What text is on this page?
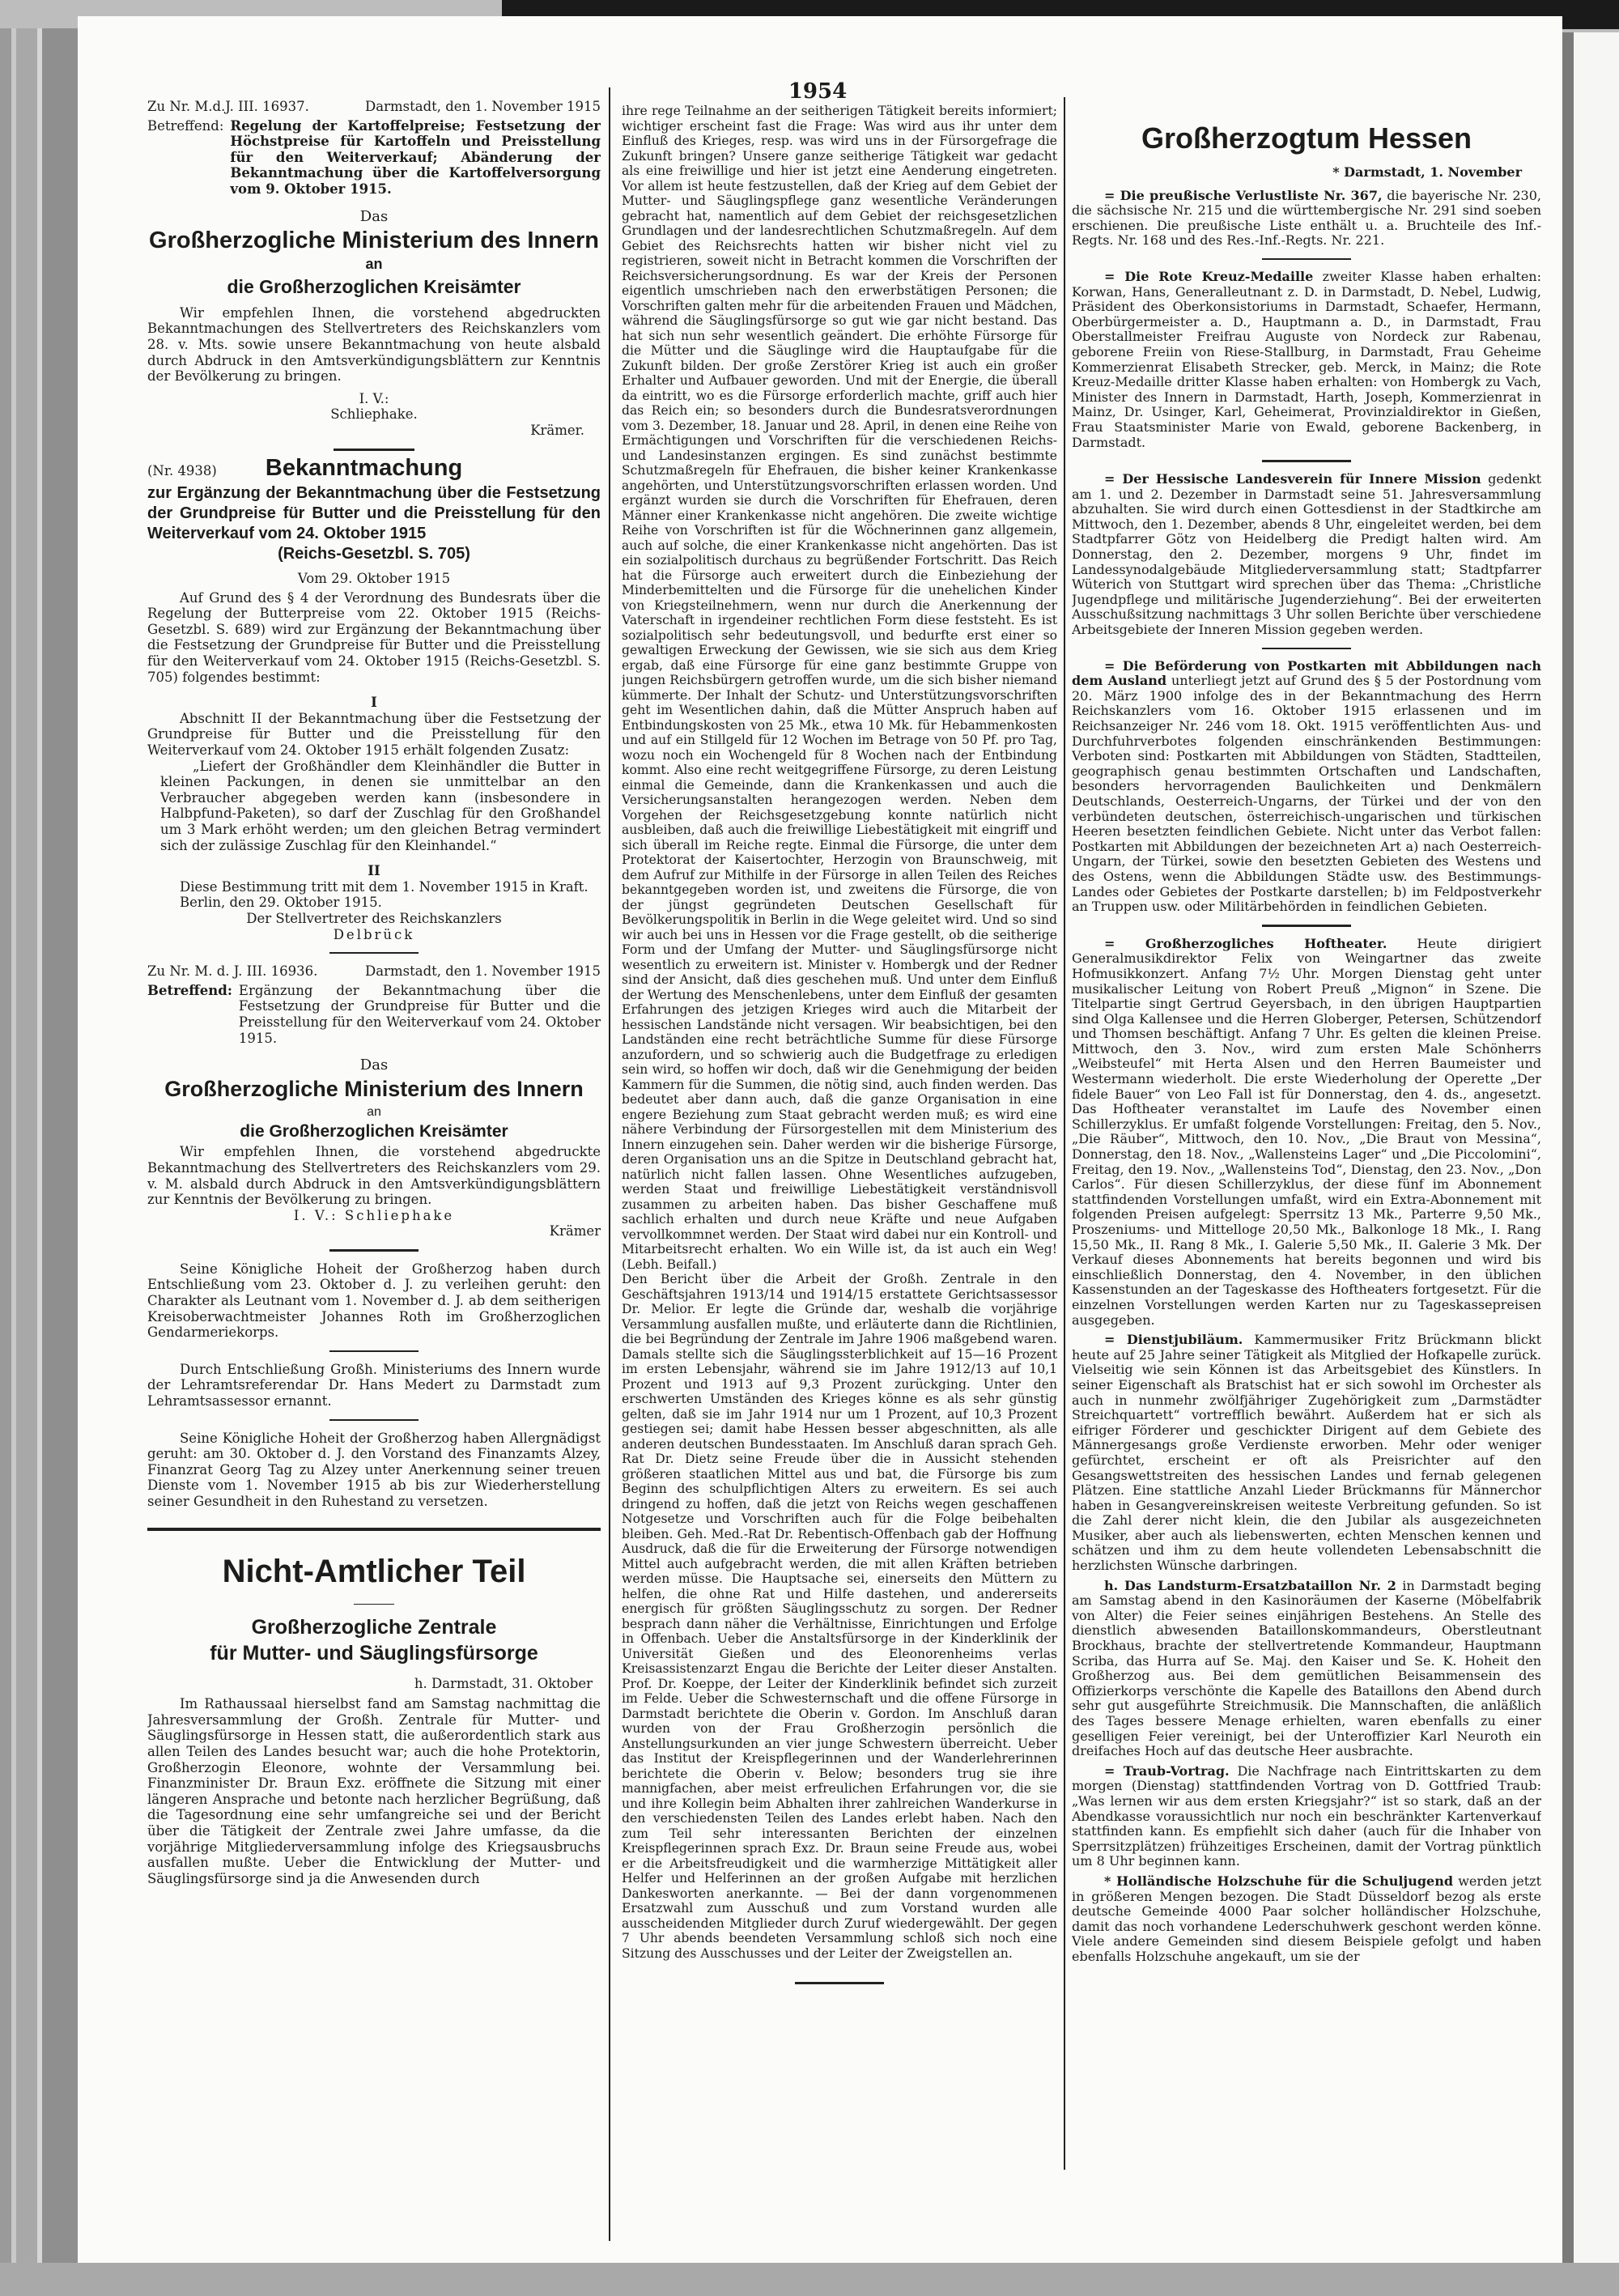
1954
Zu Nr. M.d.J. III. 16937.	Darmstadt, den 1. November 1915
Betreffend: Regelung der Kartoffelpreise; Festsetzung der Höchstpreise für Kartoffeln und Preisstellung für den Weiterverkauf; Abänderung der Bekanntmachung über die Kartoffelversorgung vom 9. Oktober 1915.

Das

Großherzogliche Ministerium des Innern

an

die Großherzoglichen Kreisämter

Wir empfehlen Ihnen, die vorstehend abgedruckten Bekanntmachungen des Stellvertreters des Reichskanzlers vom 28. v. Mts. sowie unsere Bekanntmachung von heute alsbald durch Abdruck in den Amtsverkündigungsblättern zur Kenntnis der Bevölkerung zu bringen.

I. V.:

Schliephake.

Krämer.

(Nr. 4938) Bekanntmachung

zur Ergänzung der Bekanntmachung über die Festsetzung der Grundpreise für Butter und die Preisstellung für den Weiterverkauf vom 24. Oktober 1915

(Reichs-Gesetzbl. S. 705)

Vom 29. Oktober 1915

Auf Grund des § 4 der Verordnung des Bundesrats über die Regelung der Butterpreise vom 22. Oktober 1915 (Reichs-Gesetzbl. S. 689) wird zur Ergänzung der Bekanntmachung über die Festsetzung der Grundpreise für Butter und die Preisstellung für den Weiterverkauf vom 24. Oktober 1915 (Reichs-Gesetzbl. S. 705) folgendes bestimmt:

I

Abschnitt II der Bekanntmachung über die Festsetzung der Grundpreise für Butter und die Preisstellung für den Weiterverkauf vom 24. Oktober 1915 erhält folgenden Zusatz:

„Liefert der Großhändler dem Kleinhändler die Butter in kleinen Packungen, in denen sie unmittelbar an den Verbraucher abgegeben werden kann (insbesondere in Halbpfund-Paketen), so darf der Zuschlag für den Großhandel um 3 Mark erhöht werden; um den gleichen Betrag vermindert sich der zulässige Zuschlag für den Kleinhandel.“

II

Diese Bestimmung tritt mit dem 1. November 1915 in Kraft.

Berlin, den 29. Oktober 1915.

Der Stellvertreter des Reichskanzlers

Delbrück

Zu Nr. M. d. J. III. 16936.	Darmstadt, den 1. November 1915
Betreffend: Ergänzung der Bekanntmachung über die Festsetzung der Grundpreise für Butter und die Preisstellung für den Weiterverkauf vom 24. Oktober 1915.

Das

Großherzogliche Ministerium des Innern

an

die Großherzoglichen Kreisämter

Wir empfehlen Ihnen, die vorstehend abgedruckte Bekanntmachung des Stellvertreters des Reichskanzlers vom 29. v. M. alsbald durch Abdruck in den Amtsverkündigungsblättern zur Kenntnis der Bevölkerung zu bringen.

I. V.: Schliephake

Krämer

Seine Königliche Hoheit der Großherzog haben durch Entschließung vom 23. Oktober d. J. zu verleihen geruht: den Charakter als Leutnant vom 1. November d. J. ab dem seitherigen Kreisoberwachtmeister Johannes Roth im Großherzoglichen Gendarmeriekorps.

Durch Entschließung Großh. Ministeriums des Innern wurde der Lehramtsreferendar Dr. Hans Medert zu Darmstadt zum Lehramtsassessor ernannt.

Seine Königliche Hoheit der Großherzog haben Allergnädigst geruht: am 30. Oktober d. J. den Vorstand des Finanzamts Alzey, Finanzrat Georg Tag zu Alzey unter Anerkennung seiner treuen Dienste vom 1. November 1915 ab bis zur Wiederherstellung seiner Gesundheit in den Ruhestand zu versetzen.

Nicht-Amtlicher Teil

Großherzogliche Zentrale

für Mutter- und Säuglingsfürsorge

h. Darmstadt, 31. Oktober

Im Rathaussaal hierselbst fand am Samstag nachmittag die Jahresversammlung der Großh. Zentrale für Mutter- und Säuglingsfürsorge in Hessen statt, die außerordentlich stark aus allen Teilen des Landes besucht war; auch die hohe Protektorin, Großherzogin Eleonore, wohnte der Versammlung bei. Finanzminister Dr. Braun Exz. eröffnete die Sitzung mit einer längeren Ansprache und betonte nach herzlicher Begrüßung, daß die Tagesordnung eine sehr umfangreiche sei und der Bericht über die Tätigkeit der Zentrale zwei Jahre umfasse, da die vorjährige Mitgliederversammlung infolge des Kriegsausbruchs ausfallen mußte. Ueber die Entwicklung der Mutter- und Säuglingsfürsorge sind ja die Anwesenden durch

ihre rege Teilnahme an der seitherigen Tätigkeit bereits informiert; wichtiger erscheint fast die Frage: Was wird aus ihr unter dem Einfluß des Krieges, resp. was wird uns in der Fürsorgefrage die Zukunft bringen? Unsere ganze seitherige Tätigkeit war gedacht als eine freiwillige und hier ist jetzt eine Aenderung eingetreten. Vor allem ist heute festzustellen, daß der Krieg auf dem Gebiet der Mutter- und Säuglingspflege ganz wesentliche Veränderungen gebracht hat, namentlich auf dem Gebiet der reichsgesetzlichen Grundlagen und der landesrechtlichen Schutzmaßregeln. Auf dem Gebiet des Reichsrechts hatten wir bisher nicht viel zu registrieren, soweit nicht in Betracht kommen die Vorschriften der Reichsversicherungsordnung. Es war der Kreis der Personen eigentlich umschrieben nach den erwerbstätigen Personen; die Vorschriften galten mehr für die arbeitenden Frauen und Mädchen, während die Säuglingsfürsorge so gut wie gar nicht bestand. Das hat sich nun sehr wesentlich geändert. Die erhöhte Fürsorge für die Mütter und die Säuglinge wird die Hauptaufgabe für die Zukunft bilden. Der große Zerstörer Krieg ist auch ein großer Erhalter und Aufbauer geworden. Und mit der Energie, die überall da eintritt, wo es die Fürsorge erforderlich machte, griff auch hier das Reich ein; so besonders durch die Bundesratsverordnungen vom 3. Dezember, 18. Januar und 28. April, in denen eine Reihe von Ermächtigungen und Vorschriften für die verschiedenen Reichs- und Landesinstanzen ergingen. Es sind zunächst bestimmte Schutzmaßregeln für Ehefrauen, die bisher keiner Krankenkasse angehörten, und Unterstützungsvorschriften erlassen worden. Und ergänzt wurden sie durch die Vorschriften für Ehefrauen, deren Männer einer Krankenkasse nicht angehören. Die zweite wichtige Reihe von Vorschriften ist für die Wöchnerinnen ganz allgemein, auch auf solche, die einer Krankenkasse nicht angehörten. Das ist ein sozialpolitisch durchaus zu begrüßender Fortschritt. Das Reich hat die Fürsorge auch erweitert durch die Einbeziehung der Minderbemittelten und die Fürsorge für die unehelichen Kinder von Kriegsteilnehmern, wenn nur durch die Anerkennung der Vaterschaft in irgendeiner rechtlichen Form diese feststeht. Es ist sozialpolitisch sehr bedeutungsvoll, und bedurfte erst einer so gewaltigen Erweckung der Gewissen, wie sie sich aus dem Krieg ergab, daß eine Fürsorge für eine ganz bestimmte Gruppe von jungen Reichsbürgern getroffen wurde, um die sich bisher niemand kümmerte. Der Inhalt der Schutz- und Unterstützungsvorschriften geht im Wesentlichen dahin, daß die Mütter Anspruch haben auf Entbindungskosten von 25 Mk., etwa 10 Mk. für Hebammenkosten und auf ein Stillgeld für 12 Wochen im Betrage von 50 Pf. pro Tag, wozu noch ein Wochengeld für 8 Wochen nach der Entbindung kommt. Also eine recht weitgegriffene Fürsorge, zu deren Leistung einmal die Gemeinde, dann die Krankenkassen und auch die Versicherungsanstalten herangezogen werden. Neben dem Vorgehen der Reichsgesetzgebung konnte natürlich nicht ausbleiben, daß auch die freiwillige Liebestätigkeit mit eingriff und sich überall im Reiche regte. Einmal die Fürsorge, die unter dem Protektorat der Kaisertochter, Herzogin von Braunschweig, mit dem Aufruf zur Mithilfe in der Fürsorge in allen Teilen des Reiches bekanntgegeben worden ist, und zweitens die Fürsorge, die von der jüngst gegründeten Deutschen Gesellschaft für Bevölkerungspolitik in Berlin in die Wege geleitet wird. Und so sind wir auch bei uns in Hessen vor die Frage gestellt, ob die seitherige Form und der Umfang der Mutter- und Säuglingsfürsorge nicht wesentlich zu erweitern ist. Minister v. Hombergk und der Redner sind der Ansicht, daß dies geschehen muß. Und unter dem Einfluß der Wertung des Menschenlebens, unter dem Einfluß der gesamten Erfahrungen des jetzigen Krieges wird auch die Mitarbeit der hessischen Landstände nicht versagen. Wir beabsichtigen, bei den Landständen eine recht beträchtliche Summe für diese Fürsorge anzufordern, und so schwierig auch die Budgetfrage zu erledigen sein wird, so hoffen wir doch, daß wir die Genehmigung der beiden Kammern für die Summen, die nötig sind, auch finden werden. Das bedeutet aber dann auch, daß die ganze Organisation in eine engere Beziehung zum Staat gebracht werden muß; es wird eine nähere Verbindung der Fürsorgestellen mit dem Ministerium des Innern einzugehen sein. Daher werden wir die bisherige Fürsorge, deren Organisation uns an die Spitze in Deutschland gebracht hat, natürlich nicht fallen lassen. Ohne Wesentliches aufzugeben, werden Staat und freiwillige Liebestätigkeit verständnisvoll zusammen zu arbeiten haben. Das bisher Geschaffene muß sachlich erhalten und durch neue Kräfte und neue Aufgaben vervollkommnet werden. Der Staat wird dabei nur ein Kontroll- und Mitarbeitsrecht erhalten. Wo ein Wille ist, da ist auch ein Weg! (Lebh. Beifall.)

Den Bericht über die Arbeit der Großh. Zentrale in den Geschäftsjahren 1913/14 und 1914/15 erstattete Gerichtsassessor Dr. Melior. Er legte die Gründe dar, weshalb die vorjährige Versammlung ausfallen mußte, und erläuterte dann die Richtlinien, die bei Begründung der Zentrale im Jahre 1906 maßgebend waren. Damals stellte sich die Säuglingssterblichkeit auf 15—16 Prozent im ersten Lebensjahr, während sie im Jahre 1912/13 auf 10,1 Prozent und 1913 auf 9,3 Prozent zurückging. Unter den erschwerten Umständen des Krieges könne es als sehr günstig gelten, daß sie im Jahr 1914 nur um 1 Prozent, auf 10,3 Prozent gestiegen sei; damit habe Hessen besser abgeschnitten, als alle anderen deutschen Bundesstaaten. Im Anschluß daran sprach Geh. Rat Dr. Dietz seine Freude über die in Aussicht stehenden größeren staatlichen Mittel aus und bat, die Fürsorge bis zum Beginn des schulpflichtigen Alters zu erweitern. Es sei auch dringend zu hoffen, daß die jetzt von Reichs wegen geschaffenen Notgesetze und Vorschriften auch für die Folge beibehalten bleiben. Geh. Med.-Rat Dr. Rebentisch-Offenbach gab der Hoffnung Ausdruck, daß die für die Erweiterung der Fürsorge notwendigen Mittel auch aufgebracht werden, die mit allen Kräften betrieben werden müsse. Die Hauptsache sei, einerseits den Müttern zu helfen, die ohne Rat und Hilfe dastehen, und andererseits energisch für größten Säuglingsschutz zu sorgen. Der Redner besprach dann näher die Verhältnisse, Einrichtungen und Erfolge in Offenbach. Ueber die Anstaltsfürsorge in der Kinderklinik der Universität Gießen und des Eleonorenheims verlas Kreisassistenzarzt Engau die Berichte der Leiter dieser Anstalten. Prof. Dr. Koeppe, der Leiter der Kinderklinik befindet sich zurzeit im Felde. Ueber die Schwesternschaft und die offene Fürsorge in Darmstadt berichtete die Oberin v. Gordon. Im Anschluß daran wurden von der Frau Großherzogin persönlich die Anstellungsurkunden an vier junge Schwestern überreicht. Ueber das Institut der Kreispflegerinnen und der Wanderlehrerinnen berichtete die Oberin v. Below; besonders trug sie ihre mannigfachen, aber meist erfreulichen Erfahrungen vor, die sie und ihre Kollegin beim Abhalten ihrer zahlreichen Wanderkurse in den verschiedensten Teilen des Landes erlebt haben. Nach den zum Teil sehr interessanten Berichten der einzelnen Kreispflegerinnen sprach Exz. Dr. Braun seine Freude aus, wobei er die Arbeitsfreudigkeit und die warmherzige Mittätigkeit aller Helfer und Helferinnen an der großen Aufgabe mit herzlichen Dankesworten anerkannte. — Bei der dann vorgenommenen Ersatzwahl zum Ausschuß und zum Vorstand wurden alle ausscheidenden Mitglieder durch Zuruf wiedergewählt. Der gegen 7 Uhr abends beendeten Versammlung schloß sich noch eine Sitzung des Ausschusses und der Leiter der Zweigstellen an.

Großherzogtum Hessen

* Darmstadt, 1. November

= Die preußische Verlustliste Nr. 367, die bayerische Nr. 230, die sächsische Nr. 215 und die württembergische Nr. 291 sind soeben erschienen. Die preußische Liste enthält u. a. Bruchteile des Inf.-Regts. Nr. 168 und des Res.-Inf.-Regts. Nr. 221.

= Die Rote Kreuz-Medaille zweiter Klasse haben erhalten: Korwan, Hans, Generalleutnant z. D. in Darmstadt, D. Nebel, Ludwig, Präsident des Oberkonsistoriums in Darmstadt, Schaefer, Hermann, Oberbürgermeister a. D., Hauptmann a. D., in Darmstadt, Frau Oberstallmeister Freifrau Auguste von Nordeck zur Rabenau, geborene Freiin von Riese-Stallburg, in Darmstadt, Frau Geheime Kommerzienrat Elisabeth Strecker, geb. Merck, in Mainz; die Rote Kreuz-Medaille dritter Klasse haben erhalten: von Hombergk zu Vach, Minister des Innern in Darmstadt, Harth, Joseph, Kommerzienrat in Mainz, Dr. Usinger, Karl, Geheimerat, Provinzialdirektor in Gießen, Frau Staatsminister Marie von Ewald, geborene Backenberg, in Darmstadt.

= Der Hessische Landesverein für Innere Mission gedenkt am 1. und 2. Dezember in Darmstadt seine 51. Jahresversammlung abzuhalten. Sie wird durch einen Gottesdienst in der Stadtkirche am Mittwoch, den 1. Dezember, abends 8 Uhr, eingeleitet werden, bei dem Stadtpfarrer Götz von Heidelberg die Predigt halten wird. Am Donnerstag, den 2. Dezember, morgens 9 Uhr, findet im Landessynodalgebäude Mitgliederversammlung statt; Stadtpfarrer Wüterich von Stuttgart wird sprechen über das Thema: „Christliche Jugendpflege und militärische Jugenderziehung“. Bei der erweiterten Ausschußsitzung nachmittags 3 Uhr sollen Berichte über verschiedene Arbeitsgebiete der Inneren Mission gegeben werden.

= Die Beförderung von Postkarten mit Abbildungen nach dem Ausland unterliegt jetzt auf Grund des § 5 der Postordnung vom 20. März 1900 infolge des in der Bekanntmachung des Herrn Reichskanzlers vom 16. Oktober 1915 erlassenen und im Reichsanzeiger Nr. 246 vom 18. Okt. 1915 veröffentlichten Aus- und Durchfuhrverbotes folgenden einschränkenden Bestimmungen: Verboten sind: Postkarten mit Abbildungen von Städten, Stadtteilen, geographisch genau bestimmten Ortschaften und Landschaften, besonders hervorragenden Baulichkeiten und Denkmälern Deutschlands, Oesterreich-Ungarns, der Türkei und der von den verbündeten deutschen, österreichisch-ungarischen und türkischen Heeren besetzten feindlichen Gebiete. Nicht unter das Verbot fallen: Postkarten mit Abbildungen der bezeichneten Art a) nach Oesterreich-Ungarn, der Türkei, sowie den besetzten Gebieten des Westens und des Ostens, wenn die Abbildungen Städte usw. des Bestimmungs-Landes oder Gebietes der Postkarte darstellen; b) im Feldpostverkehr an Truppen usw. oder Militärbehörden in feindlichen Gebieten.

= Großherzogliches Hoftheater. Heute dirigiert Generalmusikdirektor Felix von Weingartner das zweite Hofmusikkonzert. Anfang 7½ Uhr. Morgen Dienstag geht unter musikalischer Leitung von Robert Preuß „Mignon“ in Szene. Die Titelpartie singt Gertrud Geyersbach, in den übrigen Hauptpartien sind Olga Kallensee und die Herren Globerger, Petersen, Schützendorf und Thomsen beschäftigt. Anfang 7 Uhr. Es gelten die kleinen Preise. Mittwoch, den 3. Nov., wird zum ersten Male Schönherrs „Weibsteufel“ mit Herta Alsen und den Herren Baumeister und Westermann wiederholt. Die erste Wiederholung der Operette „Der fidele Bauer“ von Leo Fall ist für Donnerstag, den 4. ds., angesetzt. Das Hoftheater veranstaltet im Laufe des November einen Schillerzyklus. Er umfaßt folgende Vorstellungen: Freitag, den 5. Nov., „Die Räuber“, Mittwoch, den 10. Nov., „Die Braut von Messina“, Donnerstag, den 18. Nov., „Wallensteins Lager“ und „Die Piccolomini“, Freitag, den 19. Nov., „Wallensteins Tod“, Dienstag, den 23. Nov., „Don Carlos“. Für diesen Schillerzyklus, der diese fünf im Abonnement stattfindenden Vorstellungen umfaßt, wird ein Extra-Abonnement mit folgenden Preisen aufgelegt: Sperrsitz 13 Mk., Parterre 9,50 Mk., Proszeniums- und Mittelloge 20,50 Mk., Balkonloge 18 Mk., I. Rang 15,50 Mk., II. Rang 8 Mk., I. Galerie 5,50 Mk., II. Galerie 3 Mk. Der Verkauf dieses Abonnements hat bereits begonnen und wird bis einschließlich Donnerstag, den 4. November, in den üblichen Kassenstunden an der Tageskasse des Hoftheaters fortgesetzt. Für die einzelnen Vorstellungen werden Karten nur zu Tageskassepreisen ausgegeben.

= Dienstjubiläum. Kammermusiker Fritz Brückmann blickt heute auf 25 Jahre seiner Tätigkeit als Mitglied der Hofkapelle zurück. Vielseitig wie sein Können ist das Arbeitsgebiet des Künstlers. In seiner Eigenschaft als Bratschist hat er sich sowohl im Orchester als auch in nunmehr zwölfjähriger Zugehörigkeit zum „Darmstädter Streichquartett“ vortrefflich bewährt. Außerdem hat er sich als eifriger Förderer und geschickter Dirigent auf dem Gebiete des Männergesangs große Verdienste erworben. Mehr oder weniger gefürchtet, erscheint er oft als Preisrichter auf den Gesangswettstreiten des hessischen Landes und fernab gelegenen Plätzen. Eine stattliche Anzahl Lieder Brückmanns für Männerchor haben in Gesangvereinskreisen weiteste Verbreitung gefunden. So ist die Zahl derer nicht klein, die den Jubilar als ausgezeichneten Musiker, aber auch als liebenswerten, echten Menschen kennen und schätzen und ihm zu dem heute vollendeten Lebensabschnitt die herzlichsten Wünsche darbringen.

h. Das Landsturm-Ersatzbataillon Nr. 2 in Darmstadt beging am Samstag abend in den Kasinoräumen der Kaserne (Möbelfabrik von Alter) die Feier seines einjährigen Bestehens. An Stelle des dienstlich abwesenden Bataillonskommandeurs, Oberstleutnant Brockhaus, brachte der stellvertretende Kommandeur, Hauptmann Scriba, das Hurra auf Se. Maj. den Kaiser und Se. K. Hoheit den Großherzog aus. Bei dem gemütlichen Beisammensein des Offizierkorps verschönte die Kapelle des Bataillons den Abend durch sehr gut ausgeführte Streichmusik. Die Mannschaften, die anläßlich des Tages bessere Menage erhielten, waren ebenfalls zu einer geselligen Feier vereinigt, bei der Unteroffizier Karl Neuroth ein dreifaches Hoch auf das deutsche Heer ausbrachte.

= Traub-Vortrag. Die Nachfrage nach Eintrittskarten zu dem morgen (Dienstag) stattfindenden Vortrag von D. Gottfried Traub: „Was lernen wir aus dem ersten Kriegsjahr?“ ist so stark, daß an der Abendkasse voraussichtlich nur noch ein beschränkter Kartenverkauf stattfinden kann. Es empfiehlt sich daher (auch für die Inhaber von Sperrsitzplätzen) frühzeitiges Erscheinen, damit der Vortrag pünktlich um 8 Uhr beginnen kann.

* Holländische Holzschuhe für die Schuljugend werden jetzt in größeren Mengen bezogen. Die Stadt Düsseldorf bezog als erste deutsche Gemeinde 4000 Paar solcher holländischer Holzschuhe, damit das noch vorhandene Lederschuhwerk geschont werden könne. Viele andere Gemeinden sind diesem Beispiele gefolgt und haben ebenfalls Holzschuhe angekauft, um sie der
